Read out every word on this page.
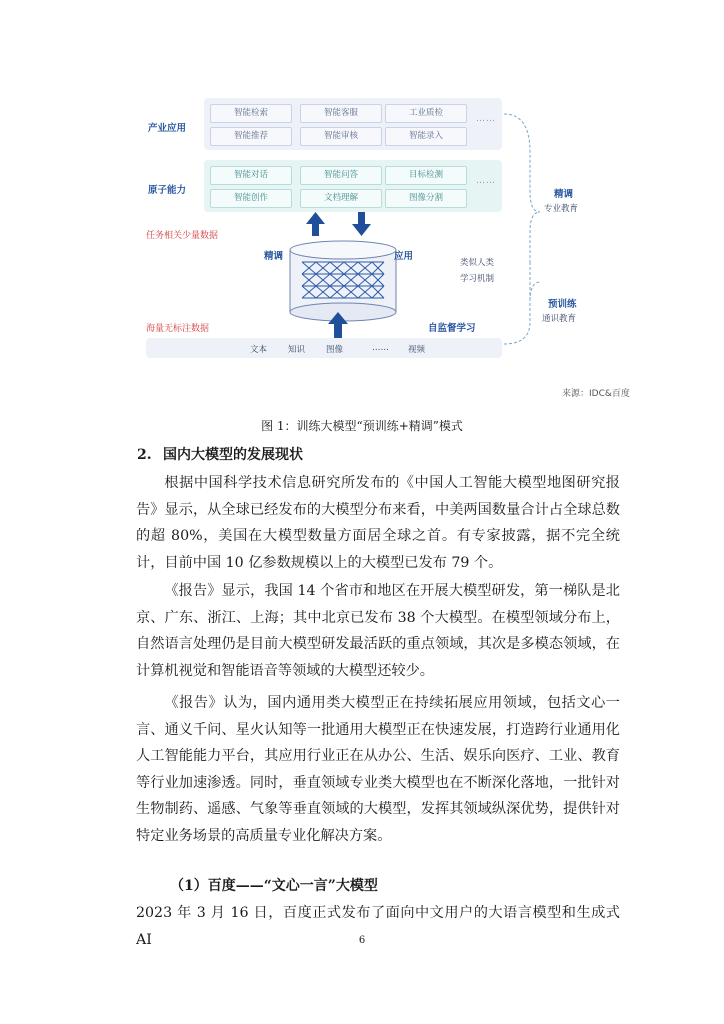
产业应用
智能检索	智能客服	工业质检
智能推荐	智能审核	智能录入
……
原子能力
智能对话	智能问答	目标检测
智能创作	文档理解	图像分割
……
任务相关少量数据
海量无标注数据
精调	应用
自监督学习
文本 知识 图像	…… 视频
类似人类
学习机制
精调
专业教育
预训练
通识教育
来源：IDC&百度
图 1：训练大模型“预训练+精调”模式
2. 国内大模型的发展现状

根据中国科学技术信息研究所发布的《中国人工智能大模型地图研究报告》显示，从全球已经发布的大模型分布来看，中美两国数量合计占全球总数的超 80%，美国在大模型数量方面居全球之首。有专家披露，据不完全统计，目前中国 10 亿参数规模以上的大模型已发布 79 个。

《报告》显示，我国 14 个省市和地区在开展大模型研发，第一梯队是北京、广东、浙江、上海；其中北京已发布 38 个大模型。在模型领域分布上，自然语言处理仍是目前大模型研发最活跃的重点领域，其次是多模态领域，在计算机视觉和智能语音等领域的大模型还较少。

《报告》认为，国内通用类大模型正在持续拓展应用领域，包括文心一言、通义千问、星火认知等一批通用大模型正在快速发展，打造跨行业通用化人工智能能力平台，其应用行业正在从办公、生活、娱乐向医疗、工业、教育等行业加速渗透。同时，垂直领域专业类大模型也在不断深化落地，一批针对生物制药、遥感、气象等垂直领域的大模型，发挥其领域纵深优势，提供针对特定业务场景的高质量专业化解决方案。

（1）百度——“文心一言”大模型

2023 年 3 月 16 日，百度正式发布了面向中文用户的大语言模型和生成式 AI	6
